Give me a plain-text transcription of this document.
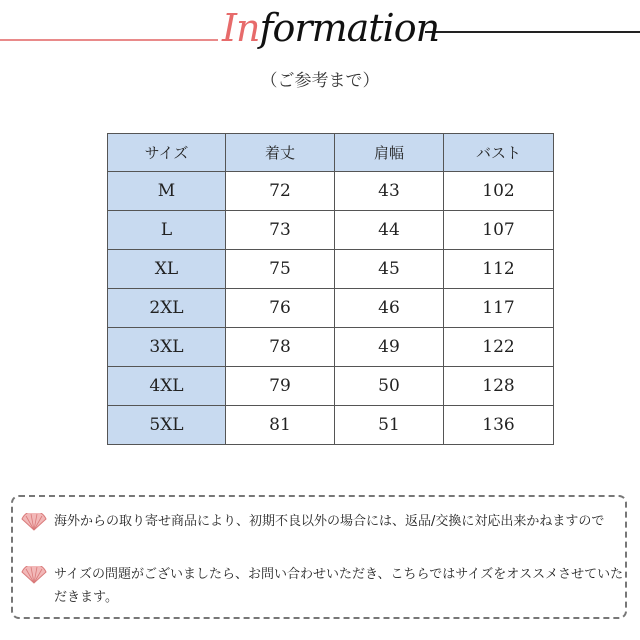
Information
（ご参考まで）
サイズ	着丈	肩幅	バスト
M	72	43	102
L	73	44	107
XL	75	45	112
2XL	76	46	117
3XL	78	49	122
4XL	79	50	128
5XL	81	51	136
海外からの取り寄せ商品により、初期不良以外の場合には、返品/交換に対応出来かねますので
サイズの問題がございましたら、お問い合わせいただき、こちらではサイズをオススメさせていただきます。
